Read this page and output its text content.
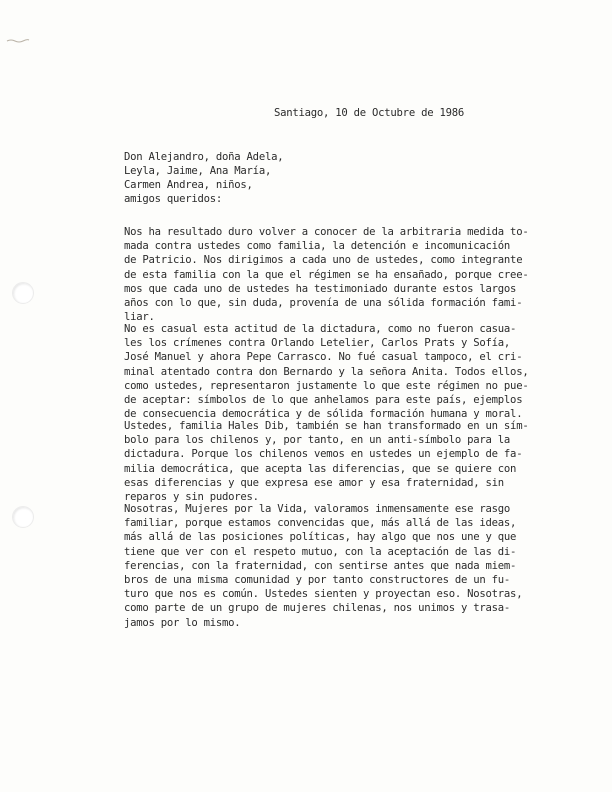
Santiago, 10 de Octubre de 1986

Don Alejandro, doña Adela,
Leyla, Jaime, Ana María,
Carmen Andrea, niños,
amigos queridos:

Nos ha resultado duro volver a conocer de la arbitraria medida to-
mada contra ustedes como familia, la detención e incomunicación
de Patricio. Nos dirigimos a cada uno de ustedes, como integrante
de esta familia con la que el régimen se ha ensañado, porque cree-
mos que cada uno de ustedes ha testimoniado durante estos largos
años con lo que, sin duda, provenía de una sólida formación fami-
liar.

No es casual esta actitud de la dictadura, como no fueron casua-
les los crímenes contra Orlando Letelier, Carlos Prats y Sofía,
José Manuel y ahora Pepe Carrasco. No fué casual tampoco, el cri-
minal atentado contra don Bernardo y la señora Anita. Todos ellos,
como ustedes, representaron justamente lo que este régimen no pue-
de aceptar: símbolos de lo que anhelamos para este país, ejemplos
de consecuencia democrática y de sólida formación humana y moral.

Ustedes, familia Hales Dib, también se han transformado en un sím-
bolo para los chilenos y, por tanto, en un anti-símbolo para la
dictadura. Porque los chilenos vemos en ustedes un ejemplo de fa-
milia democrática, que acepta las diferencias, que se quiere con
esas diferencias y que expresa ese amor y esa fraternidad, sin
reparos y sin pudores.

Nosotras, Mujeres por la Vida, valoramos inmensamente ese rasgo
familiar, porque estamos convencidas que, más allá de las ideas,
más allá de las posiciones políticas, hay algo que nos une y que
tiene que ver con el respeto mutuo, con la aceptación de las di-
ferencias, con la fraternidad, con sentirse antes que nada miem-
bros de una misma comunidad y por tanto constructores de un fu-
turo que nos es común. Ustedes sienten y proyectan eso. Nosotras,
como parte de un grupo de mujeres chilenas, nos unimos y trasa-
jamos por lo mismo.
